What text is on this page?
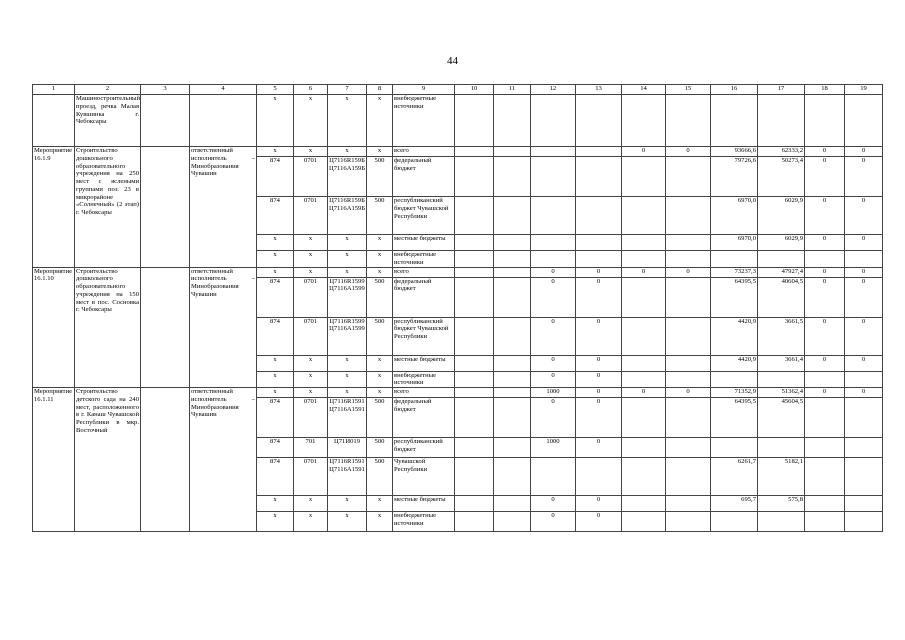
44
1	2	3	4	5	6	7	8	9	10	11	12	13	14	15	16	17	18	19
	Машиностроительный проезд, речка Малая Кувшинка г. Чебоксары			x	x	x	x	внебюджетные источники										
Мероприятие 16.1.9	Строительство дошкольного образовательного учреждения на 250 мест с яслеными группами поз. 23 в микрорайоне «Солнечный» (2 этап) г. Чебоксары		ответственный исполнитель – Минобразования Чувашии	x	x	x	x	всего					0	0	93666,6	62333,2	0	0
				874	0701	Ц7116R159Б
Ц7116А159Б	500	федеральный бюджет							79726,6	50273,4	0	0
				874	0701	Ц7116R159Б
Ц7116А159Б	500	республиканский бюджет Чувашской Республики							6970,0	6029,9	0	0
				x	x	x	x	местные бюджеты							6970,0	6029,9	0	0
				x	x	x	x	внебюджетные источники										
Мероприятие 16.1.10	Строительство дошкольного образовательного учреждения на 150 мест в пос. Сосновка г. Чебоксары		ответственный исполнитель – Минобразования Чувашии	x	x	x	x	всего			0	0	0	0	73237,3	47927,4	0	0
				874	0701	Ц7116R1599
Ц7116А1599	500	федеральный бюджет			0	0			64395,5	40604,5	0	0
				874	0701	Ц7116R1599
Ц7116А1599	500	республиканский бюджет Чувашской Республики			0	0			4420,9	3661,5	0	0
				x	x	x	x	местные бюджеты			0	0			4420,9	3661,4	0	0
				x	x	x	x	внебюджетные источники			0	0						
Мероприятие 16.1.11	Строительство детского сада на 240 мест, расположенного в г. Канаш Чувашской Республики в мкр. Восточный		ответственный исполнитель – Минобразования Чувашии	x	x	x	x	всего			1000	0	0	0	71352,9	51362,4	0	0
				874	0701	Ц7116R1591
Ц7116А1591	500	федеральный бюджет			0	0			64395,5	45604,5		
				874	701	Ц71И019	500	республиканский бюджет			1000	0						
				874	0701	Ц7116R1591
Ц7116А1591	500	Чувашской Республики							6261,7	5182,1		
				x	x	x	x	местные бюджеты			0	0			695,7	575,8		
				x	x	x	x	внебюджетные источники			0	0						
